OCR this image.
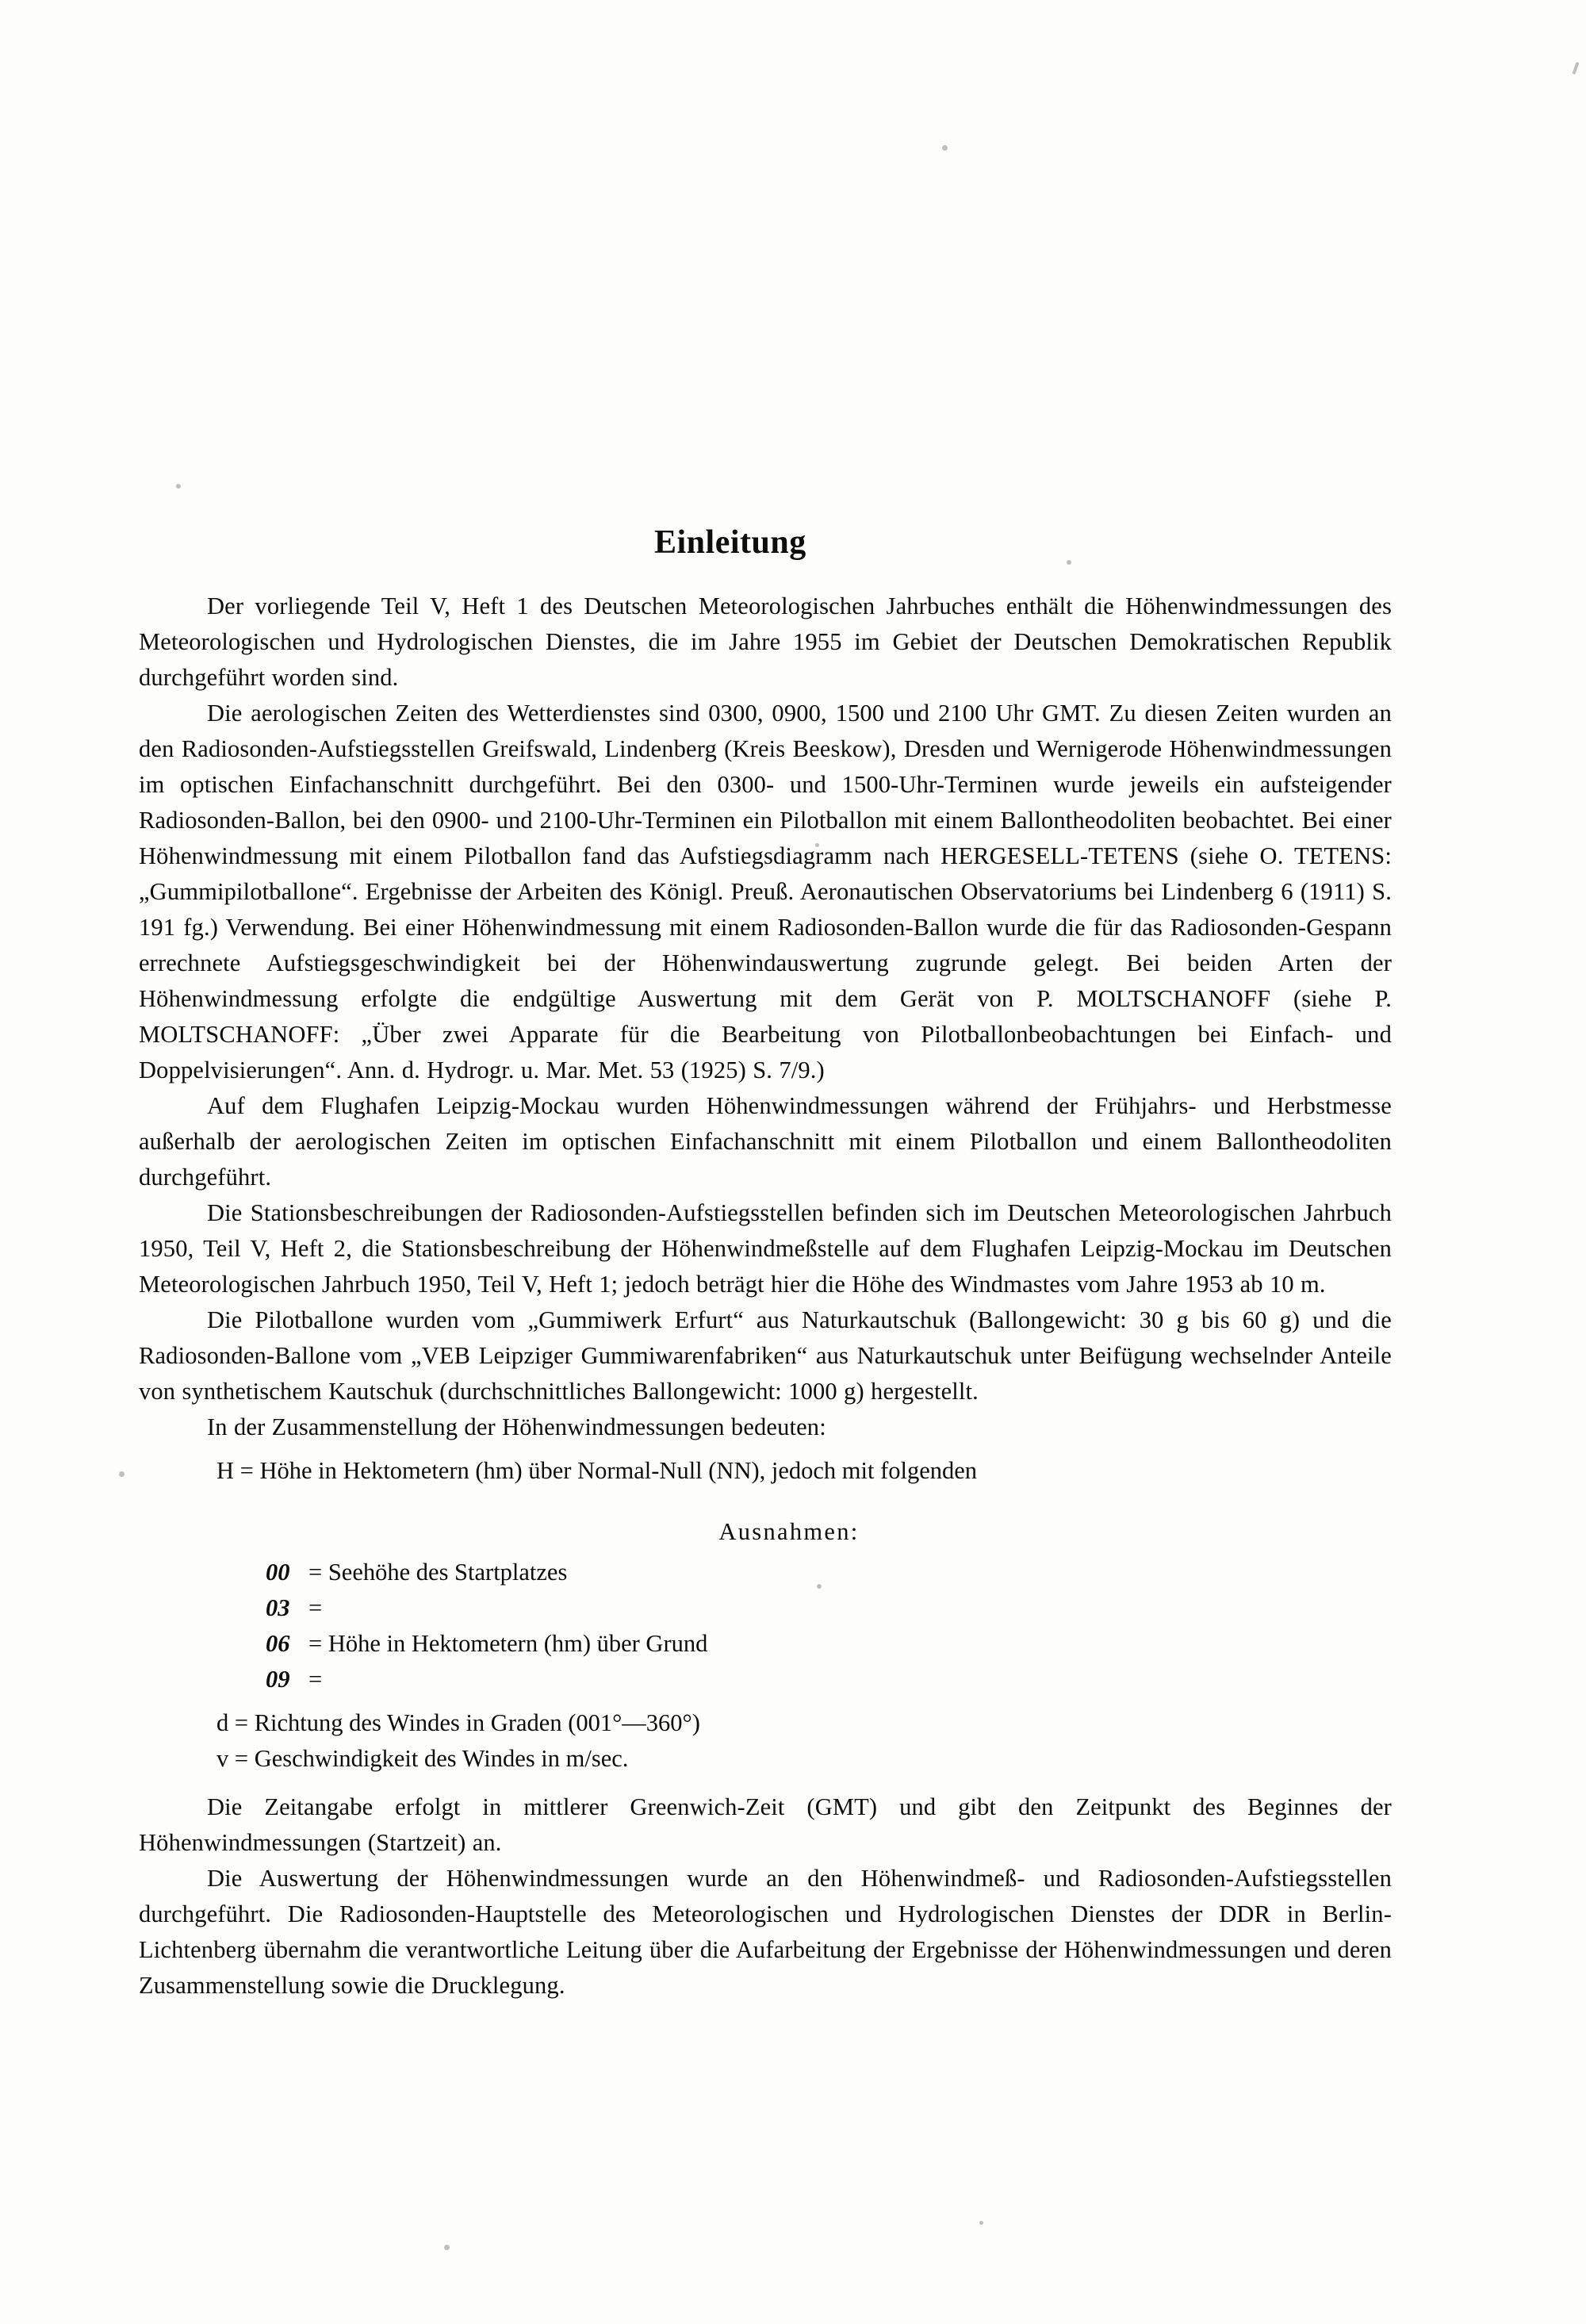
Einleitung

Der vorliegende Teil V, Heft 1 des Deutschen Meteorologischen Jahrbuches enthält die Höhenwindmessungen des Meteorologischen und Hydrologischen Dienstes, die im Jahre 1955 im Gebiet der Deutschen Demokratischen Republik durchgeführt worden sind.

Die aerologischen Zeiten des Wetterdienstes sind 0300, 0900, 1500 und 2100 Uhr GMT. Zu diesen Zeiten wurden an den Radiosonden-Aufstiegsstellen Greifswald, Lindenberg (Kreis Beeskow), Dresden und Wernigerode Höhenwindmessungen im optischen Einfachanschnitt durchgeführt. Bei den 0300- und 1500-Uhr-Terminen wurde jeweils ein aufsteigender Radiosonden-Ballon, bei den 0900- und 2100-Uhr-Terminen ein Pilotballon mit einem Ballontheodoliten beobachtet. Bei einer Höhenwindmessung mit einem Pilotballon fand das Aufstiegsdiagramm nach HERGESELL-TETENS (siehe O. TETENS: „Gummipilotballone“. Ergebnisse der Arbeiten des Königl. Preuß. Aeronautischen Observatoriums bei Lindenberg 6 (1911) S. 191 fg.) Verwendung. Bei einer Höhenwindmessung mit einem Radiosonden-Ballon wurde die für das Radiosonden-Gespann errechnete Aufstiegsgeschwindigkeit bei der Höhenwindauswertung zugrunde gelegt. Bei beiden Arten der Höhenwindmessung erfolgte die endgültige Auswertung mit dem Gerät von P. MOLTSCHANOFF (siehe P. MOLTSCHANOFF: „Über zwei Apparate für die Bearbeitung von Pilotballonbeobachtungen bei Einfach- und Doppelvisierungen“. Ann. d. Hydrogr. u. Mar. Met. 53 (1925) S. 7/9.)

Auf dem Flughafen Leipzig-Mockau wurden Höhenwindmessungen während der Frühjahrs- und Herbstmesse außerhalb der aerologischen Zeiten im optischen Einfachanschnitt mit einem Pilotballon und einem Ballontheodoliten durchgeführt.

Die Stationsbeschreibungen der Radiosonden-Aufstiegsstellen befinden sich im Deutschen Meteorologischen Jahrbuch 1950, Teil V, Heft 2, die Stationsbeschreibung der Höhenwindmeßstelle auf dem Flughafen Leipzig-Mockau im Deutschen Meteorologischen Jahrbuch 1950, Teil V, Heft 1; jedoch beträgt hier die Höhe des Windmastes vom Jahre 1953 ab 10 m.

Die Pilotballone wurden vom „Gummiwerk Erfurt“ aus Naturkautschuk (Ballongewicht: 30 g bis 60 g) und die Radiosonden-Ballone vom „VEB Leipziger Gummiwarenfabriken“ aus Naturkautschuk unter Beifügung wechselnder Anteile von synthetischem Kautschuk (durchschnittliches Ballongewicht: 1000 g) hergestellt.

In der Zusammenstellung der Höhenwindmessungen bedeuten:

H = Höhe in Hektometern (hm) über Normal-Null (NN), jedoch mit folgenden

Ausnahmen:

00 = Seehöhe des Startplatzes
03 =
06 = Höhe in Hektometern (hm) über Grund
09 =

d = Richtung des Windes in Graden (001°—360°)

v = Geschwindigkeit des Windes in m/sec.

Die Zeitangabe erfolgt in mittlerer Greenwich-Zeit (GMT) und gibt den Zeitpunkt des Beginnes der Höhenwindmessungen (Startzeit) an.

Die Auswertung der Höhenwindmessungen wurde an den Höhenwindmeß- und Radiosonden-Aufstiegsstellen durchgeführt. Die Radiosonden-Hauptstelle des Meteorologischen und Hydrologischen Dienstes der DDR in Berlin-Lichtenberg übernahm die verantwortliche Leitung über die Aufarbeitung der Ergebnisse der Höhenwindmessungen und deren Zusammenstellung sowie die Drucklegung.
